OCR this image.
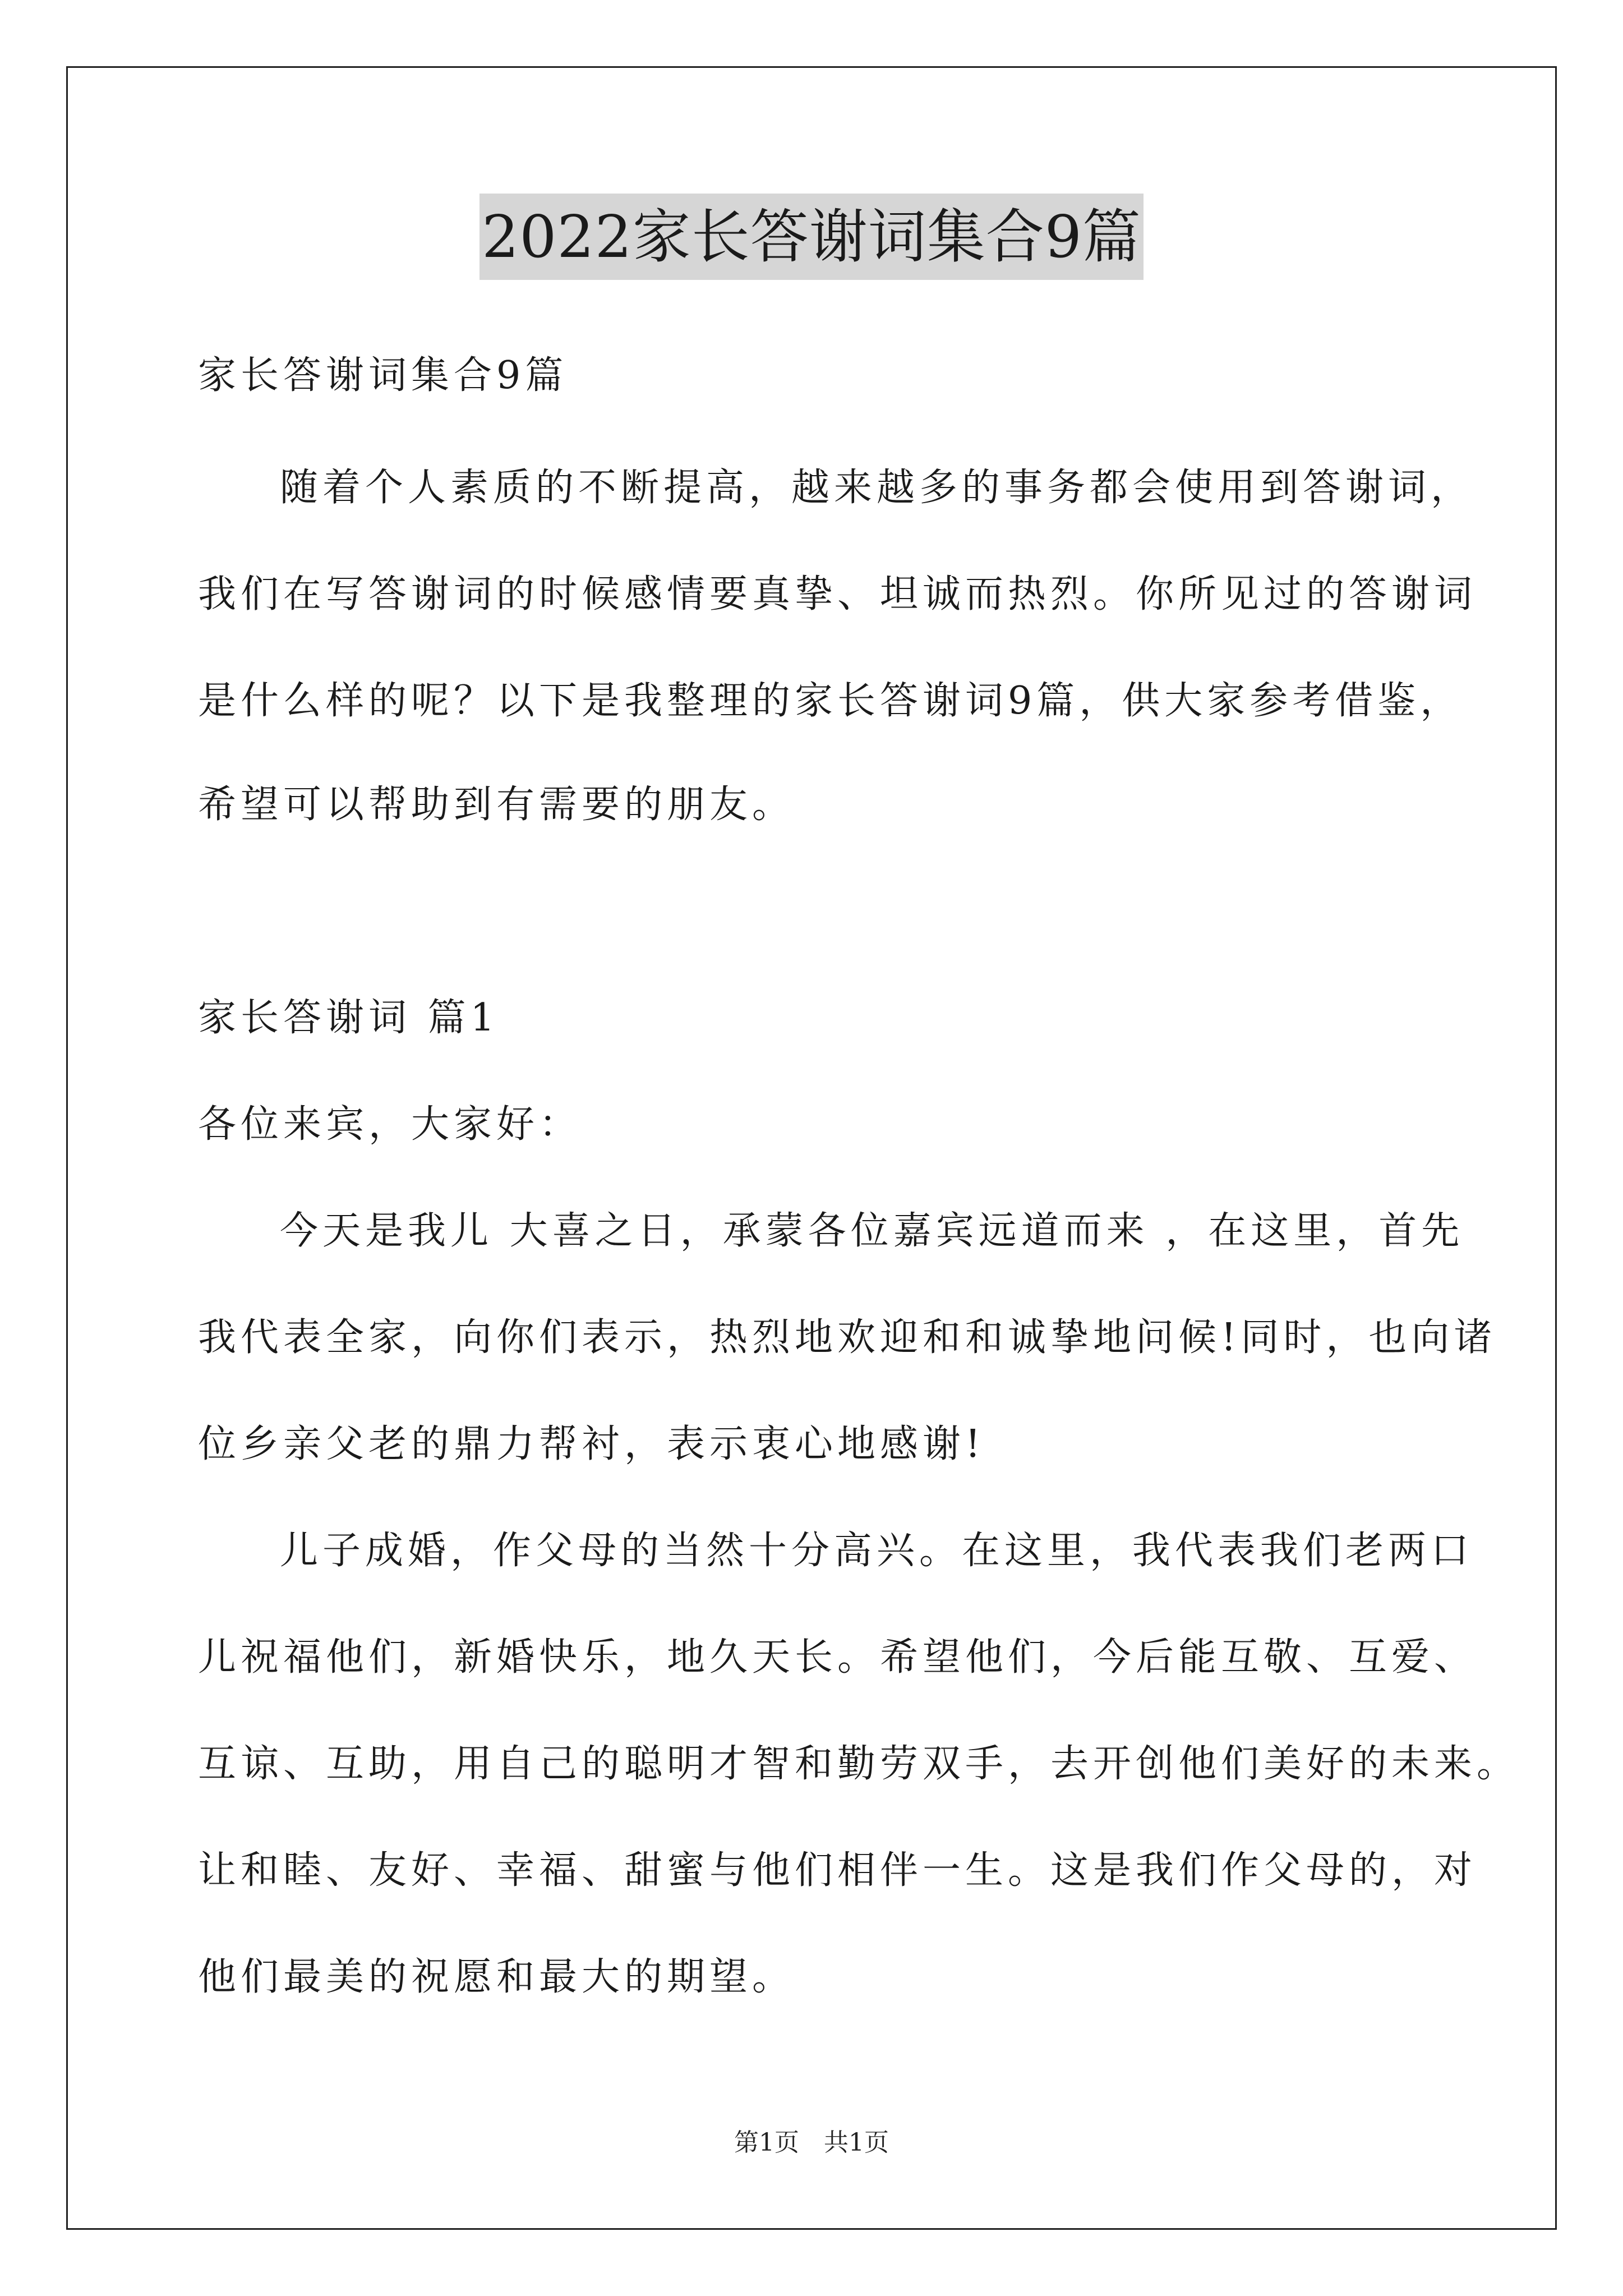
2022家长答谢词集合9篇
家长答谢词集合9篇
随着个人素质的不断提高，越来越多的事务都会使用到答谢词，
我们在写答谢词的时候感情要真挚、坦诚而热烈。你所见过的答谢词
是什么样的呢？以下是我整理的家长答谢词9篇，供大家参考借鉴，
希望可以帮助到有需要的朋友。
家长答谢词 篇1
各位来宾，大家好：
今天是我儿 大喜之日，承蒙各位嘉宾远道而来 ，在这里，首先
我代表全家，向你们表示，热烈地欢迎和和诚挚地问候!同时，也向诸
位乡亲父老的鼎力帮衬，表示衷心地感谢!
儿子成婚，作父母的当然十分高兴。在这里，我代表我们老两口
儿祝福他们，新婚快乐，地久天长。希望他们，今后能互敬、互爱、
互谅、互助，用自己的聪明才智和勤劳双手，去开创他们美好的未来。
让和睦、友好、幸福、甜蜜与他们相伴一生。这是我们作父母的，对
他们最美的祝愿和最大的期望。
第1页　共1页
